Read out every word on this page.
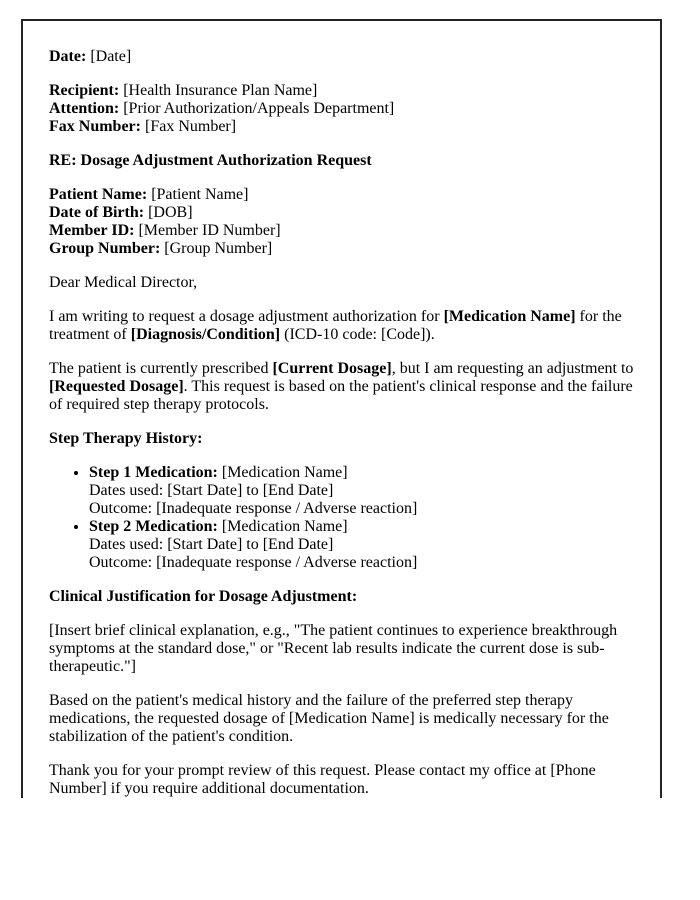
Date: [Date]
Recipient: [Health Insurance Plan Name]
Attention: [Prior Authorization/Appeals Department]
Fax Number: [Fax Number]
RE: Dosage Adjustment Authorization Request
Patient Name: [Patient Name]
Date of Birth: [DOB]
Member ID: [Member ID Number]
Group Number: [Group Number]
Dear Medical Director,
I am writing to request a dosage adjustment authorization for [Medication Name] for the treatment of [Diagnosis/Condition] (ICD-10 code: [Code]).
The patient is currently prescribed [Current Dosage], but I am requesting an adjustment to [Requested Dosage]. This request is based on the patient's clinical response and the failure of required step therapy protocols.
Step Therapy History:
• Step 1 Medication: [Medication Name]
Dates used: [Start Date] to [End Date]
Outcome: [Inadequate response / Adverse reaction]
• Step 2 Medication: [Medication Name]
Dates used: [Start Date] to [End Date]
Outcome: [Inadequate response / Adverse reaction]
Clinical Justification for Dosage Adjustment:
[Insert brief clinical explanation, e.g., "The patient continues to experience breakthrough symptoms at the standard dose," or "Recent lab results indicate the current dose is sub-therapeutic."]
Based on the patient's medical history and the failure of the preferred step therapy medications, the requested dosage of [Medication Name] is medically necessary for the stabilization of the patient's condition.
Thank you for your prompt review of this request. Please contact my office at [Phone Number] if you require additional documentation.
